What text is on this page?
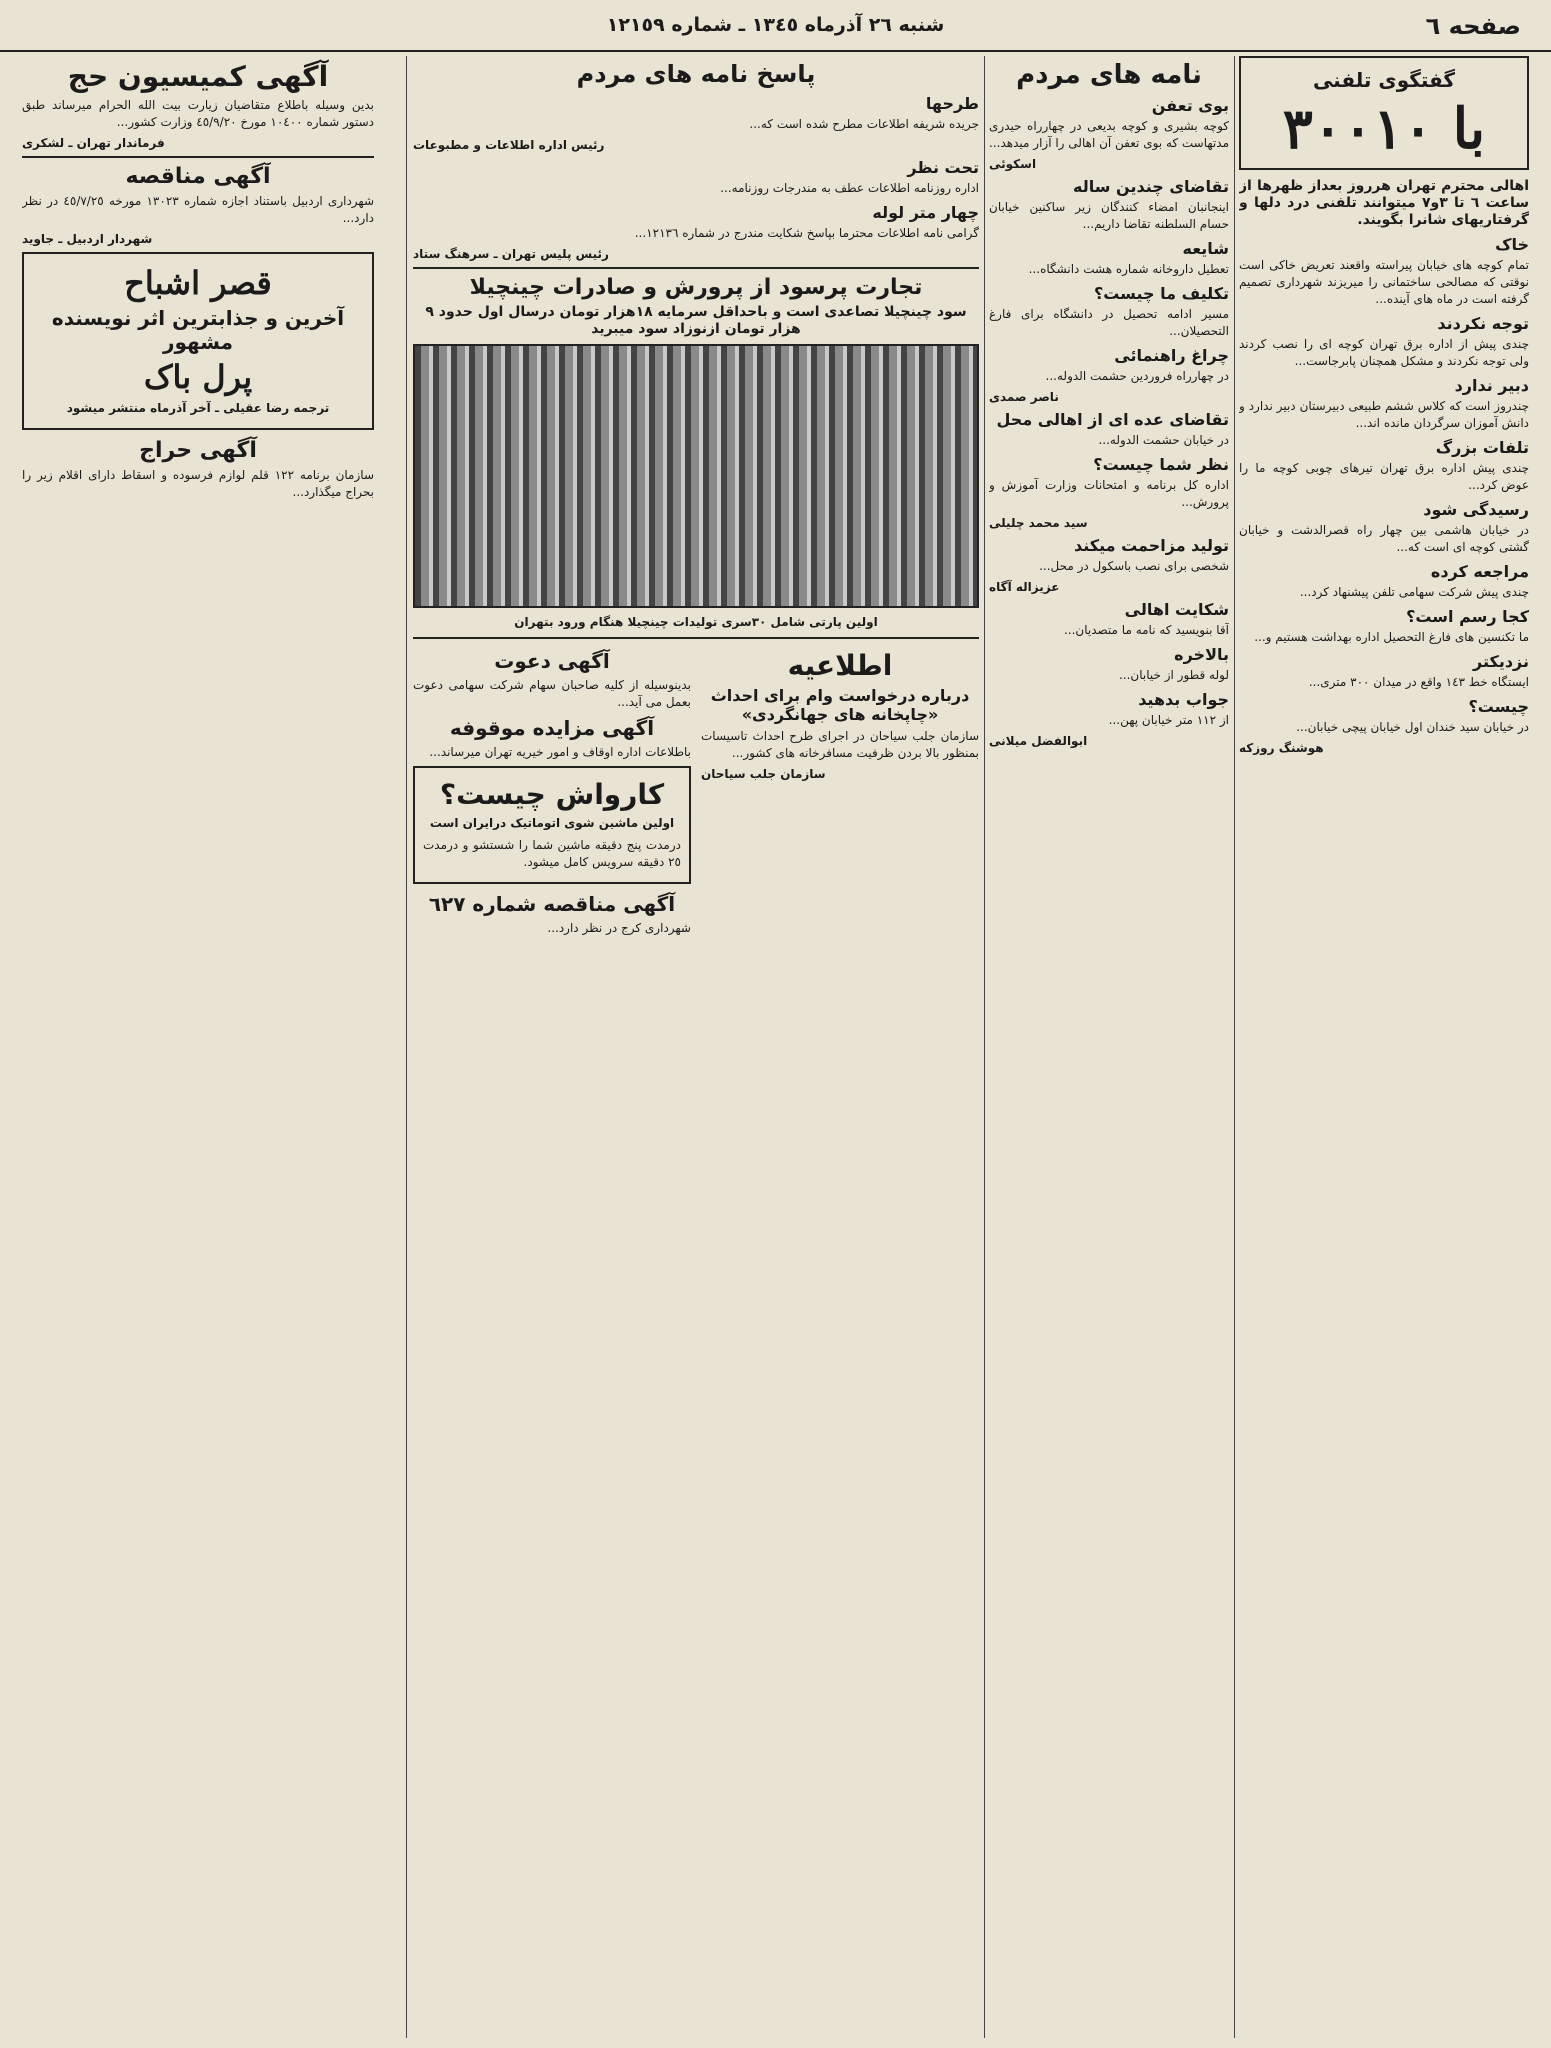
صفحه ٦
شنبه ٢٦ آذرماه ١٣٤٥ ـ شماره ١٢١٥٩
گفتگوی تلفنی
با ٣٠٠١٠

اهالی محترم تهران هرروز بعداز ظهرها از ساعت ٦ تا ٣و٧ میتوانند تلفنی درد دلها و گرفتاریهای شانرا بگویند.

خاک

تمام کوچه های خیابان پیراسته واقعند تعریض خاکی است نوقتی که مصالحی ساختمانی را میریزند شهرداری تصمیم گرفته است در ماه های آینده...

توجه نکردند

چندی پیش از اداره برق تهران کوچه ای را نصب کردند ولی توجه نکردند و مشکل همچنان پابرجاست...

دبیر ندارد

چندروز است که کلاس ششم طبیعی دبیرستان دبیر ندارد و دانش آموزان سرگردان مانده اند...

تلفات بزرگ

چندی پیش اداره برق تهران تیرهای چوبی کوچه ما را عوض کرد...

رسیدگی شود

در خیابان هاشمی بین چهار راه قصرالدشت و خیابان گشتی کوچه ای است که...

مراجعه کرده

چندی پیش شرکت سهامی تلفن پیشنهاد کرد...

کجا رسم است؟

ما تکنسین های فارغ التحصیل اداره بهداشت هستیم و...

نزدیکتر

ایستگاه خط ١٤٣ واقع در میدان ٣٠٠ متری...

چیست؟

در خیابان سید خندان اول خیابان پیچی خیابان...

هوشنگ روزکه
نامه های مردم
بوی تعفن

کوچه بشیری و کوچه بدیعی در چهارراه حیدری مدتهاست که بوی تعفن آن اهالی را آزار میدهد...

اسکوئی
تقاضای چندین ساله

اینجانبان امضاء کنندگان زیر ساکنین خیابان حسام السلطنه تقاضا داریم...

شایعه

تعطیل داروخانه شماره هشت دانشگاه...

تکلیف ما چیست؟

مسیر ادامه تحصیل در دانشگاه برای فارغ التحصیلان...

چراغ راهنمائی

در چهارراه فروردین حشمت الدوله...

ناصر صمدی
تقاضای عده ای از اهالی محل

در خیابان حشمت الدوله...

نظر شما چیست؟

اداره کل برنامه و امتحانات وزارت آموزش و پرورش...

سید محمد چلیلی
تولید مزاحمت میکند

شخصی برای نصب باسکول در محل...

عزیزاله آگاه
شکایت اهالی

آقا بنویسید که نامه ما متصدیان...

بالاخره

لوله قطور از خیابان...

جواب بدهید

از ١١٢ متر خیابان پهن...

ابوالفضل میلانی
پاسخ نامه های مردم
طرحها

جریده شریفه اطلاعات مطرح شده است که...

رئیس اداره اطلاعات و مطبوعات
تحت نظر

اداره روزنامه اطلاعات عطف به مندرجات روزنامه...

چهار متر لوله

گرامی نامه اطلاعات محترما بپاسخ شکایت مندرج در شماره ١٢١٣٦...

رئیس پلیس تهران ـ سرهنگ ستاد
تجارت پرسود از پرورش و صادرات چینچیلا

سود چینچیلا تصاعدی است و باحداقل سرمایه ١٨هزار تومان درسال اول حدود ٩ هزار تومان ازنوزاد سود میبرید

اولین پارتی شامل ٣٠سری تولیدات چینچیلا هنگام ورود بتهران

اطلاعیه
درباره درخواست وام برای احداث «چاپخانه های جهانگردی»

سازمان جلب سیاحان در اجرای طرح احداث تاسیسات بمنظور بالا بردن ظرفیت مسافرخانه های کشور...

سازمان جلب سیاحان
آگهی دعوت

بدینوسیله از کلیه صاحبان سهام شرکت سهامی دعوت بعمل می آید...

آگهی مزایده موقوفه

باطلاعات اداره اوقاف و امور خیریه تهران میرساند...

کارواش چیست؟

اولین ماشین شوی اتوماتیک درایران است

درمدت پنج دقیقه ماشین شما را شستشو و درمدت ٢٥ دقیقه سرویس کامل میشود.

آگهی مناقصه شماره ٦٢٧

شهرداری کرج در نظر دارد...

آگهی کمیسیون حج

بدین وسیله باطلاع متقاضیان زیارت بیت الله الحرام میرساند طبق دستور شماره ١٠٤٠٠ مورخ ٤٥/٩/٢٠ وزارت کشور...

فرماندار تهران ـ لشکری
آگهی مناقصه

شهرداری اردبیل باستناد اجازه شماره ١٣٠٢٣ مورخه ٤٥/٧/٢٥ در نظر دارد...

شهردار اردبیل ـ جاوید
قصر اشباح
آخرین و جذابترین اثر نویسنده مشهور
پرل باک

ترجمه رضا عقیلی ـ آخر آذرماه منتشر میشود

آگهی حراج

سازمان برنامه ١٢٢ قلم لوازم فرسوده و اسقاط دارای اقلام زیر را بحراج میگذارد...
